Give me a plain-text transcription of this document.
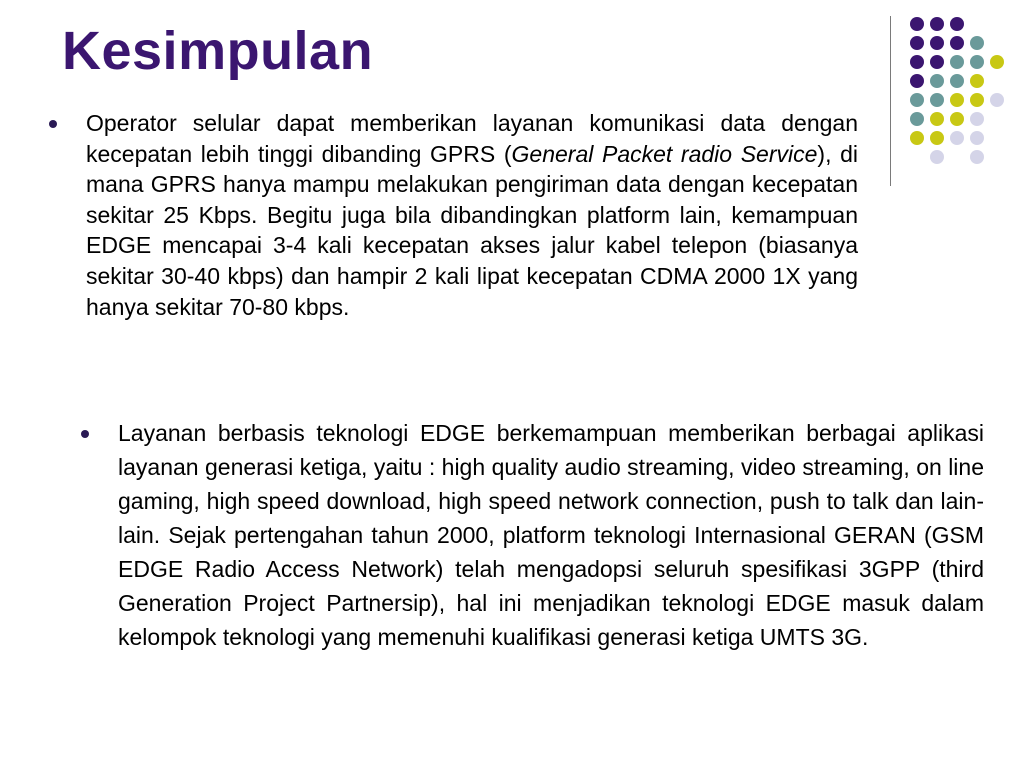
Kesimpulan
Operator selular dapat memberikan layanan komunikasi data dengan kecepatan lebih tinggi dibanding GPRS (General Packet radio Service), di mana GPRS hanya mampu melakukan pengiriman data dengan kecepatan sekitar 25 Kbps. Begitu juga bila dibandingkan platform lain, kemampuan EDGE mencapai 3-4 kali kecepatan akses jalur kabel telepon (biasanya sekitar 30-40 kbps) dan hampir 2 kali lipat kecepatan CDMA 2000 1X yang hanya sekitar 70-80 kbps.
Layanan berbasis teknologi EDGE berkemampuan memberikan berbagai aplikasi layanan generasi ketiga, yaitu : high quality audio streaming, video streaming, on line gaming, high speed download, high speed network connection, push to talk dan lain-lain. Sejak pertengahan tahun 2000, platform teknologi Internasional GERAN (GSM EDGE Radio Access Network) telah mengadopsi seluruh spesifikasi 3GPP (third Generation Project Partnersip), hal ini menjadikan teknologi EDGE masuk dalam kelompok teknologi yang memenuhi kualifikasi generasi ketiga UMTS 3G.
